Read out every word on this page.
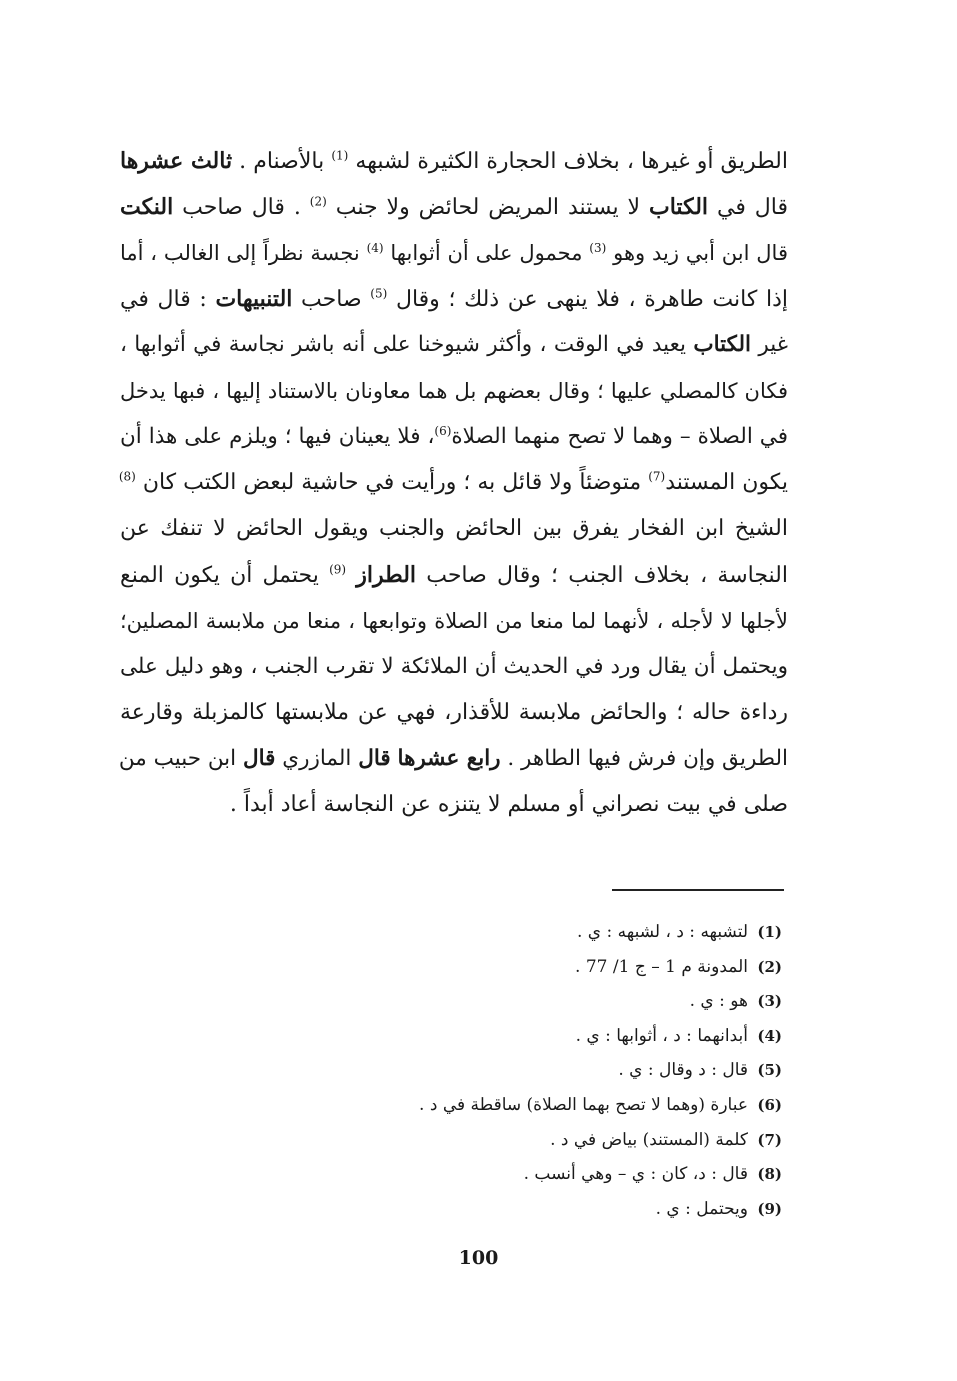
الطريق أو غيرها ، بخلاف الحجارة الكثيرة لشبهه $^{(1)}$ بالأصنام . ثالث عشرها
قال في الكتاب لا يستند المريض لحائض ولا جنب $^{(2)}$ . قال صاحب النكت
قال ابن أبي زيد وهو $^{(3)}$ محمول على أن أثوابها $^{(4)}$ نجسة نظراً إلى الغالب ، أما
إذا كانت طاهرة ، فلا ينهى عن ذلك ؛ وقال $^{(5)}$ صاحب التنبيهات : قال في
غير الكتاب يعيد في الوقت ، وأكثر شيوخنا على أنه باشر نجاسة في أثوابها ،
فكان كالمصلي عليها ؛ وقال بعضهم بل هما معاونان بالاستناد إليها ، فبها يدخل
في الصلاة – وهما لا تصح منهما الصلاة$^{(6)}$، فلا يعينان فيها ؛ ويلزم على هذا أن
يكون المستند$^{(7)}$ متوضئاً ولا قائل به ؛ ورأيت في حاشية لبعض الكتب كان $^{(8)}$
الشيخ ابن الفخار يفرق بين الحائض والجنب ويقول الحائض لا تنفك عن
النجاسة ، بخلاف الجنب ؛ وقال صاحب الطراز $^{(9)}$ يحتمل أن يكون المنع
لأجلها لا لأجله ، لأنهما لما منعا من الصلاة وتوابعها ، منعا من ملابسة المصلين؛
ويحتمل أن يقال ورد في الحديث أن الملائكة لا تقرب الجنب ، وهو دليل على
رداءة حاله ؛ والحائض ملابسة للأقذار، فهي عن ملابستها كالمزبلة وقارعة
الطريق وإن فرش فيها الطاهر . رابع عشرها قال المازري قال ابن حبيب من
صلى في بيت نصراني أو مسلم لا يتنزه عن النجاسة أعاد أبداً .
(1)لتشبهه : د ، لشبهه : ي .
(2)المدونة م 1 – ج 1/ 77 .
(3)هو : ي .
(4)أبدانهما : د ، أثوابها : ي .
(5)قال : د وقال : ي .
(6)عبارة (وهما لا تصح بهما الصلاة) ساقطة في د .
(7)كلمة (المستند) بياض في د .
(8)قال : د، كان : ي – وهي أنسب .
(9)ويحتمل : ي .
100
